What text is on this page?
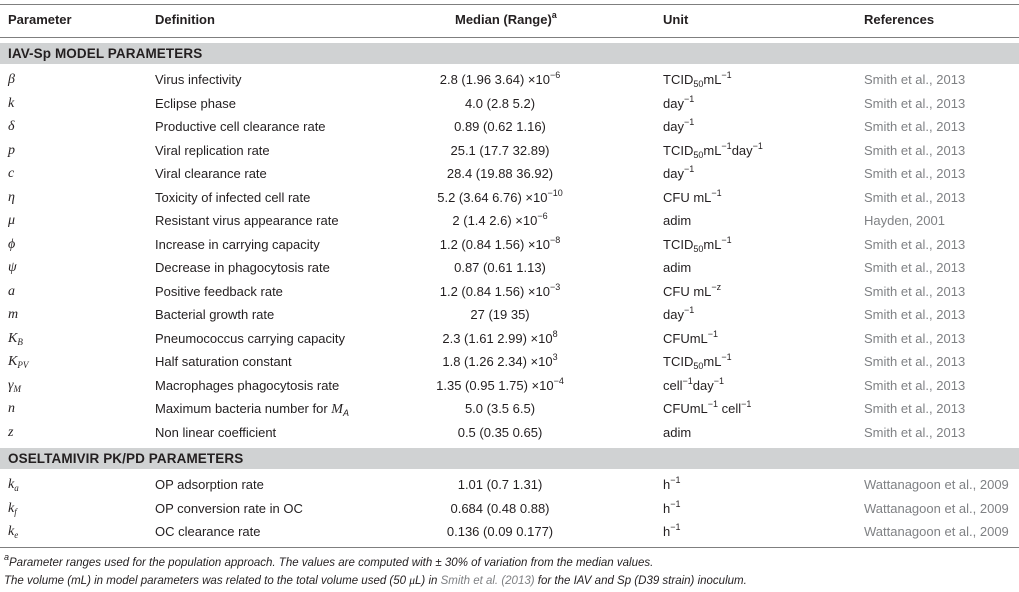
Parameter	Definition	Median (Range)$^a$	Unit	References
IAV-Sp MODEL PARAMETERS
β	Virus infectivity	2.8 (1.96 $3.64) \times 10^{-6}$	$TCID_{50}mL^{-1}$	Smith et al., 2013
k	Eclipse phase	4.0 (2.8 5.2)	day$^{-1}$	Smith et al., 2013
δ	Productive cell clearance rate	0.89 (0.62 1.16)	day$^{-1}$	Smith et al., 2013
p	Viral replication rate	25.1 (17.7 32.89)	$TCID_{50}mL^{-1}day^{-1}$	Smith et al., 2013
c	Viral clearance rate	28.4 (19.88 36.92)	day$^{-1}$	Smith et al., 2013
η	Toxicity of infected cell rate	5.2 (3.64 $6.76) \times 10^{-10}$	CFU $mL^{-1}$	Smith et al., 2013
μ	Resistant virus appearance rate	2 (1.4 $2.6) \times 10^{-6}$	adim	Hayden, 2001
ϕ	Increase in carrying capacity	1.2 (0.84 $1.56) \times 10^{-8}$	$TCID_{50}mL^{-1}$	Smith et al., 2013
ψ	Decrease in phagocytosis rate	0.87 (0.61 1.13)	adim	Smith et al., 2013
a	Positive feedback rate	1.2 (0.84 $1.56) \times 10^{-3}$	CFU $mL^{-z}$	Smith et al., 2013
m	Bacterial growth rate	27 (19 35)	day$^{-1}$	Smith et al., 2013
$K_B$	Pneumococcus carrying capacity	2.3 (1.61 $2.99) \times 10^8$	CFUmL$^{-1}$	Smith et al., 2013
$K_{PV}$	Half saturation constant	1.8 (1.26 $2.34) \times 10^3$	$TCID_{50}mL^{-1}$	Smith et al., 2013
$\gamma_M$	Macrophages phagocytosis rate	1.35 (0.95 $1.75) \times 10^{-4}$	cell$^{-1}$day$^{-1}$	Smith et al., 2013
n	Maximum bacteria number for $M_A$	5.0 (3.5 6.5)	CFUmL$^{-1}$ cell$^{-1}$	Smith et al., 2013
z	Non linear coefficient	0.5 (0.35 0.65)	adim	Smith et al., 2013
OSELTAMIVIR PK/PD PARAMETERS
$k_a$	OP adsorption rate	1.01 (0.7 1.31)	$h^{-1}$	Wattanagoon et al., 2009
$k_f$	OP conversion rate in OC	0.684 (0.48 0.88)	$h^{-1}$	Wattanagoon et al., 2009
$k_e$	OC clearance rate	0.136 (0.09 0.177)	$h^{-1}$	Wattanagoon et al., 2009
$^a$Parameter ranges used for the population approach. The values are computed with ± 30% of variation from the median values.
The volume (mL) in model parameters was related to the total volume used (50 μL) in Smith et al. (2013) for the IAV and Sp (D39 strain) inoculum.
